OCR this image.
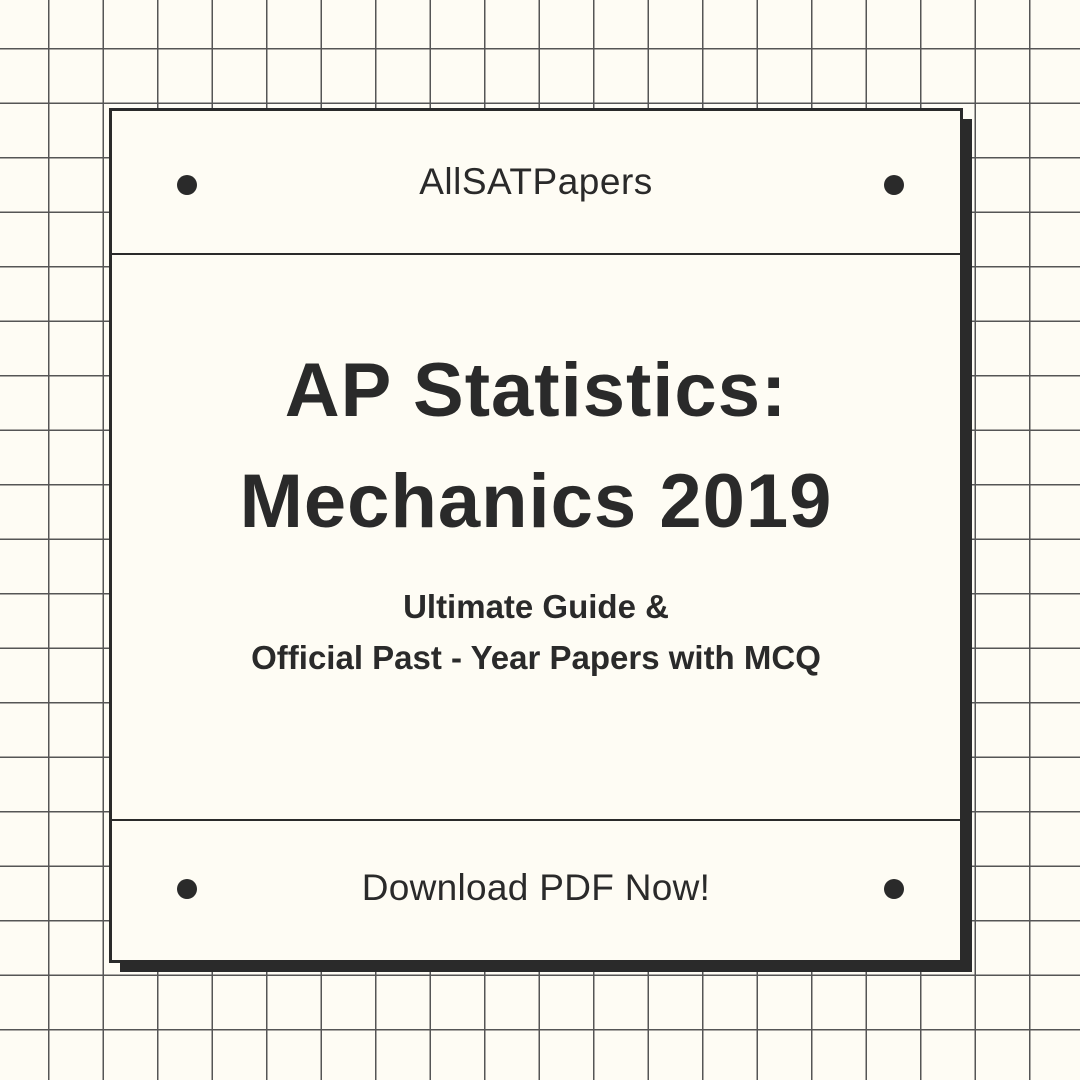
AllSATPapers
AP Statistics:
Mechanics 2019
Ultimate Guide &
Official Past - Year Papers with MCQ
Download PDF Now!
